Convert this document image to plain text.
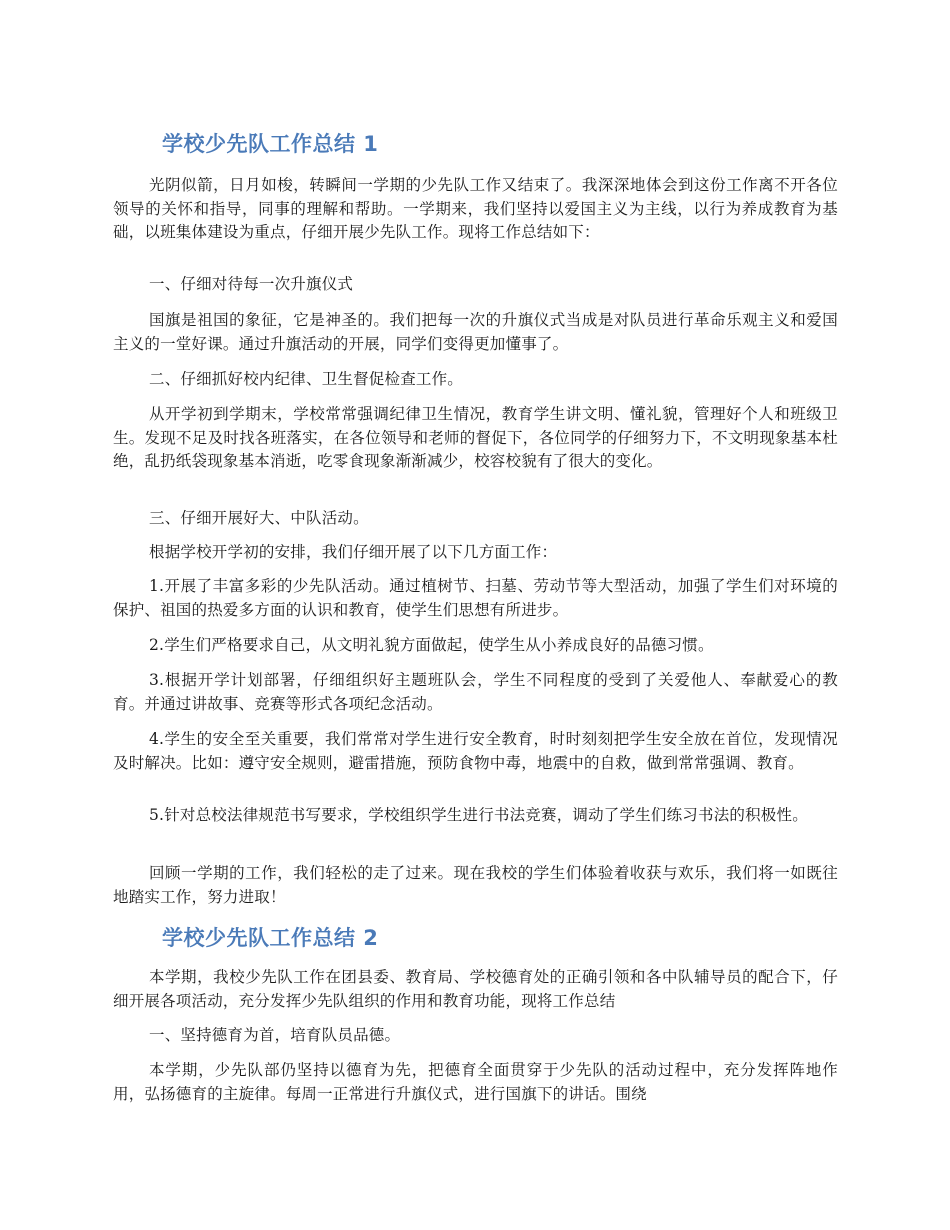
学校少先队工作总结 1

光阴似箭，日月如梭，转瞬间一学期的少先队工作又结束了。我深深地体会到这份工作离不开各位领导的关怀和指导，同事的理解和帮助。一学期来，我们坚持以爱国主义为主线，以行为养成教育为基础，以班集体建设为重点，仔细开展少先队工作。现将工作总结如下：

一、仔细对待每一次升旗仪式

国旗是祖国的象征，它是神圣的。我们把每一次的升旗仪式当成是对队员进行革命乐观主义和爱国主义的一堂好课。通过升旗活动的开展，同学们变得更加懂事了。

二、仔细抓好校内纪律、卫生督促检查工作。

从开学初到学期末，学校常常强调纪律卫生情况，教育学生讲文明、懂礼貌，管理好个人和班级卫生。发现不足及时找各班落实，在各位领导和老师的督促下，各位同学的仔细努力下，不文明现象基本杜绝，乱扔纸袋现象基本消逝，吃零食现象渐渐减少，校容校貌有了很大的变化。

三、仔细开展好大、中队活动。

根据学校开学初的安排，我们仔细开展了以下几方面工作：

1.开展了丰富多彩的少先队活动。通过植树节、扫墓、劳动节等大型活动，加强了学生们对环境的保护、祖国的热爱多方面的认识和教育，使学生们思想有所进步。

2.学生们严格要求自己，从文明礼貌方面做起，使学生从小养成良好的品德习惯。

3.根据开学计划部署，仔细组织好主题班队会，学生不同程度的受到了关爱他人、奉献爱心的教育。并通过讲故事、竞赛等形式各项纪念活动。

4.学生的安全至关重要，我们常常对学生进行安全教育，时时刻刻把学生安全放在首位，发现情况及时解决。比如：遵守安全规则，避雷措施，预防食物中毒，地震中的自救，做到常常强调、教育。

5.针对总校法律规范书写要求，学校组织学生进行书法竞赛，调动了学生们练习书法的积极性。

回顾一学期的工作，我们轻松的走了过来。现在我校的学生们体验着收获与欢乐，我们将一如既往地踏实工作，努力进取！

学校少先队工作总结 2

本学期，我校少先队工作在团县委、教育局、学校德育处的正确引领和各中队辅导员的配合下，仔细开展各项活动，充分发挥少先队组织的作用和教育功能，现将工作总结

一、坚持德育为首，培育队员品德。

本学期，少先队部仍坚持以德育为先，把德育全面贯穿于少先队的活动过程中，充分发挥阵地作用，弘扬德育的主旋律。每周一正常进行升旗仪式，进行国旗下的讲话。围绕
